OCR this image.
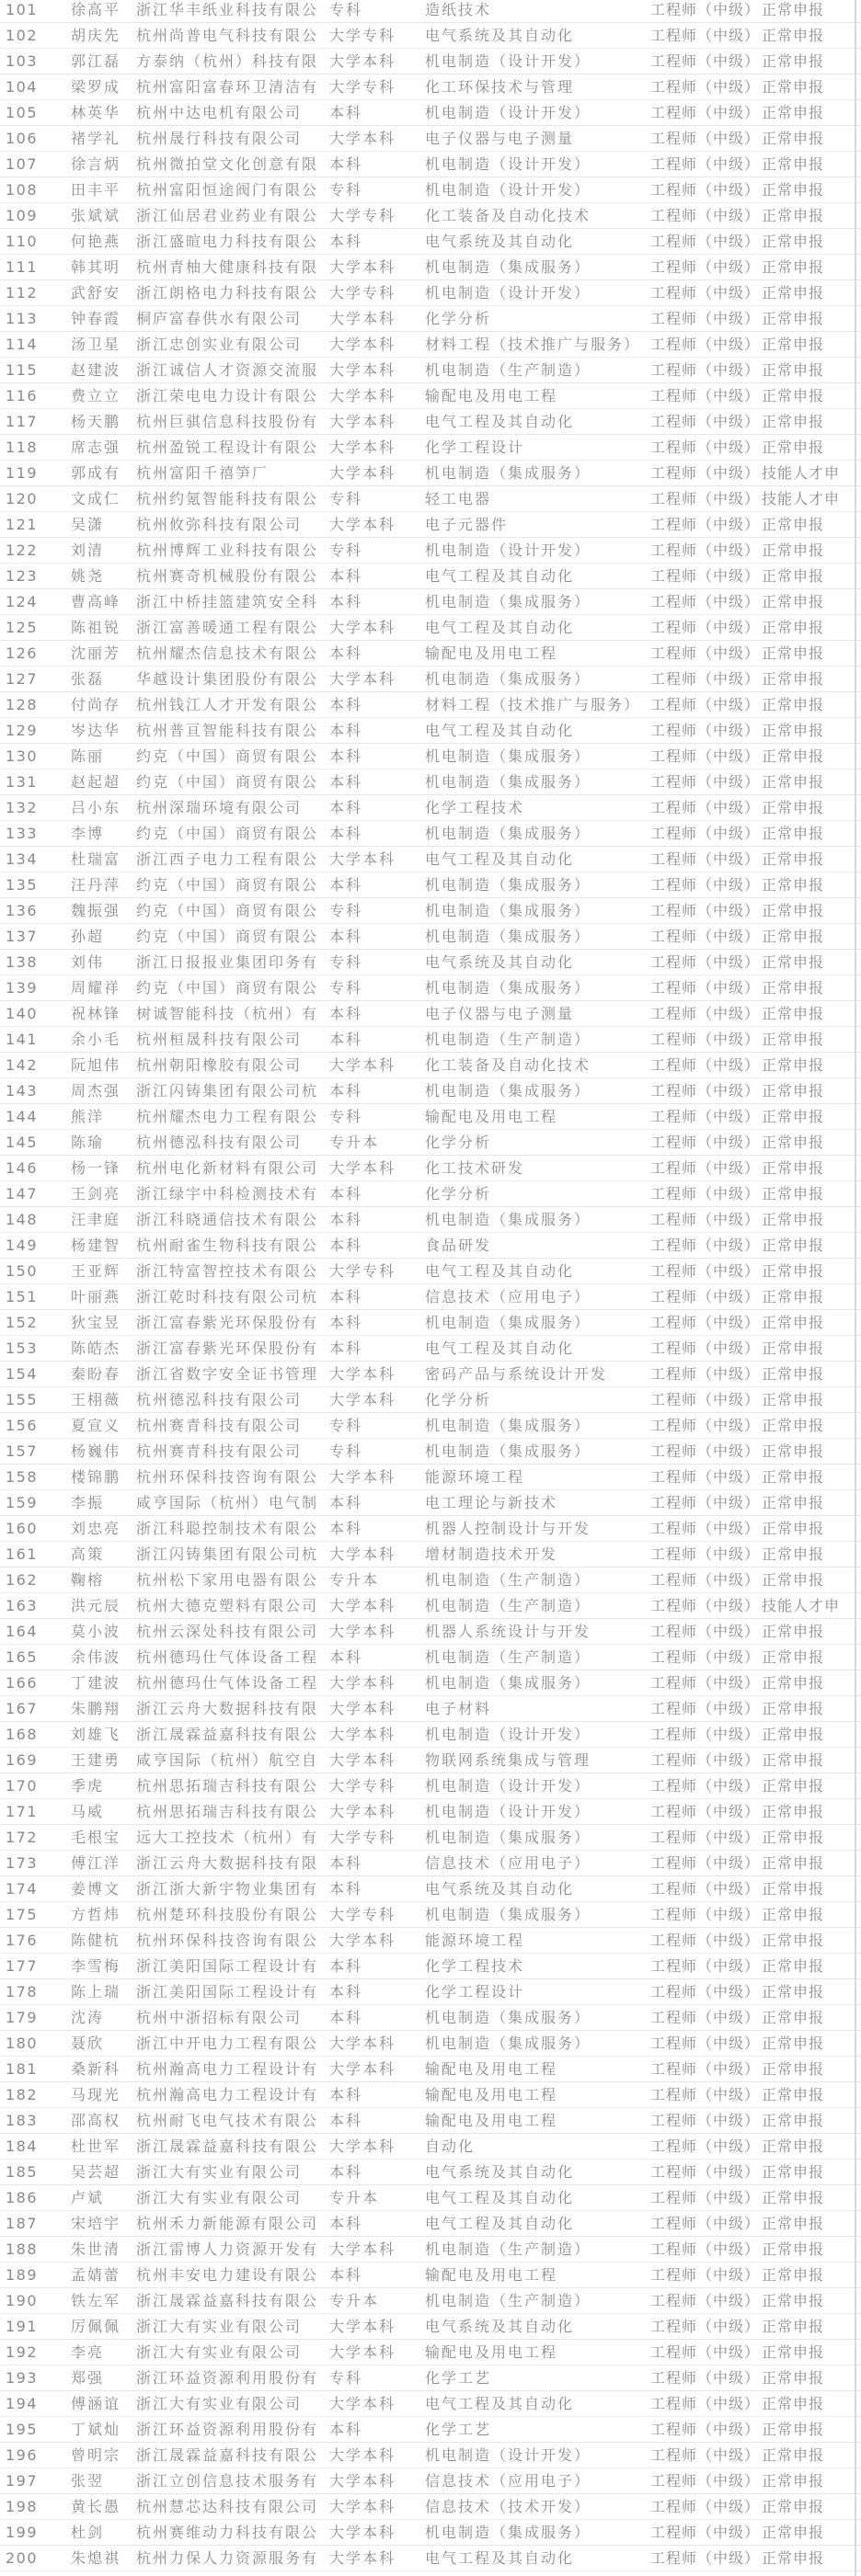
101	徐高平	浙江华丰纸业科技有限公 专科	造纸技术	工程师（中级） 正常申报
102	胡庆先	杭州尚普电气科技有限公 大学专科	电气系统及其自动化	工程师（中级） 正常申报
103	郭江磊	方泰纳（杭州）科技有限 大学本科	机电制造（设计开发）	工程师（中级） 正常申报
104	梁罗成	杭州富阳富春环卫清洁有 大学专科	化工环保技术与管理	工程师（中级） 正常申报
105	林英华	杭州中达电机有限公司	本科	机电制造（设计开发）	工程师（中级） 正常申报
106	褚学礼	杭州晟行科技有限公司	大学本科	电子仪器与电子测量	工程师（中级） 正常申报
107	徐言炳	杭州微拍堂文化创意有限 本科	机电制造（设计开发）	工程师（中级） 正常申报
108	田丰平	杭州富阳恒途阀门有限公 专科	机电制造（设计开发）	工程师（中级） 正常申报
109	张斌斌	浙江仙居君业药业有限公 大学专科	化工装备及自动化技术	工程师（中级） 正常申报
110	何艳燕	浙江盛暄电力科技有限公 本科	电气系统及其自动化	工程师（中级） 正常申报
111	韩其明	杭州青柚大健康科技有限 大学本科	机电制造（集成服务）	工程师（中级） 正常申报
112	武舒安	浙江朗格电力科技有限公 大学专科	机电制造（设计开发）	工程师（中级） 正常申报
113	钟春霞	桐庐富春供水有限公司	大学本科	化学分析	工程师（中级） 正常申报
114	汤卫星	浙江忠创实业有限公司	大学本科	材料工程（技术推广与服务） 工程师（中级） 正常申报
115	赵建波	浙江诚信人才资源交流服 大学本科	机电制造（生产制造）	工程师（中级） 正常申报
116	费立立	浙江荣电电力设计有限公 大学本科	输配电及用电工程	工程师（中级） 正常申报
117	杨天鹏	杭州巨骐信息科技股份有 大学本科	电气工程及其自动化	工程师（中级） 正常申报
118	席志强	杭州盈锐工程设计有限公 大学本科	化学工程设计	工程师（中级） 正常申报
119	郭成有	杭州富阳千禧笋厂	大学本科	机电制造（集成服务）	工程师（中级） 技能人才申
120	文成仁	杭州约氪智能科技有限公 专科	轻工电器	工程师（中级） 技能人才申
121	吴潇	杭州攸弥科技有限公司	大学本科	电子元器件	工程师（中级） 正常申报
122	刘清	杭州博辉工业科技有限公 专科	机电制造（设计开发）	工程师（中级） 正常申报
123	姚尧	杭州赛奇机械股份有限公 本科	电气工程及其自动化	工程师（中级） 正常申报
124	曹高峰	浙江中桥挂篮建筑安全科 本科	机电制造（集成服务）	工程师（中级） 正常申报
125	陈祖锐	浙江富善暖通工程有限公 大学本科	电气工程及其自动化	工程师（中级） 正常申报
126	沈丽芳	杭州耀杰信息技术有限公 本科	输配电及用电工程	工程师（中级） 正常申报
127	张磊	华越设计集团股份有限公 大学本科	机电制造（集成服务）	工程师（中级） 正常申报
128	付尚存	杭州钱江人才开发有限公 本科	材料工程（技术推广与服务） 工程师（中级） 正常申报
129	岑达华	杭州普亘智能科技有限公 本科	电气工程及其自动化	工程师（中级） 正常申报
130	陈丽	约克（中国）商贸有限公 本科	机电制造（集成服务）	工程师（中级） 正常申报
131	赵起超	约克（中国）商贸有限公 本科	机电制造（集成服务）	工程师（中级） 正常申报
132	吕小东	杭州深瑞环境有限公司	本科	化学工程技术	工程师（中级） 正常申报
133	李博	约克（中国）商贸有限公 本科	机电制造（集成服务）	工程师（中级） 正常申报
134	杜瑞富	浙江西子电力工程有限公 大学本科	电气工程及其自动化	工程师（中级） 正常申报
135	汪丹萍	约克（中国）商贸有限公 本科	机电制造（集成服务）	工程师（中级） 正常申报
136	魏振强	约克（中国）商贸有限公 专科	机电制造（集成服务）	工程师（中级） 正常申报
137	孙超	约克（中国）商贸有限公 本科	机电制造（集成服务）	工程师（中级） 正常申报
138	刘伟	浙江日报报业集团印务有 专科	电气系统及其自动化	工程师（中级） 正常申报
139	周耀祥	约克（中国）商贸有限公 专科	机电制造（集成服务）	工程师（中级） 正常申报
140	祝林锋	树诚智能科技（杭州）有 本科	电子仪器与电子测量	工程师（中级） 正常申报
141	余小毛	杭州桓晟科技有限公司	本科	机电制造（生产制造）	工程师（中级） 正常申报
142	阮旭伟	杭州朝阳橡胶有限公司	大学本科	化工装备及自动化技术	工程师（中级） 正常申报
143	周杰强	浙江闪铸集团有限公司杭 本科	机电制造（集成服务）	工程师（中级） 正常申报
144	熊洋	杭州耀杰电力工程有限公 专科	输配电及用电工程	工程师（中级） 正常申报
145	陈瑜	杭州德泓科技有限公司	专升本	化学分析	工程师（中级） 正常申报
146	杨一锋	杭州电化新材料有限公司 大学本科	化工技术研发	工程师（中级） 正常申报
147	王剑亮	浙江绿宇中科检测技术有 本科	化学分析	工程师（中级） 正常申报
148	汪聿庭	浙江科晓通信技术有限公 本科	机电制造（集成服务）	工程师（中级） 正常申报
149	杨建智	杭州耐雀生物科技有限公 本科	食品研发	工程师（中级） 正常申报
150	王亚辉	浙江特富智控技术有限公 大学专科	电气工程及其自动化	工程师（中级） 正常申报
151	叶丽燕	浙江乾时科技有限公司杭 本科	信息技术（应用电子）	工程师（中级） 正常申报
152	狄宝昱	浙江富春紫光环保股份有 本科	机电制造（集成服务）	工程师（中级） 正常申报
153	陈皓杰	浙江富春紫光环保股份有 本科	电气工程及其自动化	工程师（中级） 正常申报
154	秦盼春	浙江省数字安全证书管理 大学本科	密码产品与系统设计开发	工程师（中级） 正常申报
155	王栩薇	杭州德泓科技有限公司	大学本科	化学分析	工程师（中级） 正常申报
156	夏宣义	杭州赛青科技有限公司	专科	机电制造（集成服务）	工程师（中级） 正常申报
157	杨巍伟	杭州赛青科技有限公司	专科	机电制造（集成服务）	工程师（中级） 正常申报
158	楼锦鹏	杭州环保科技咨询有限公 大学本科	能源环境工程	工程师（中级） 正常申报
159	李振	咸亨国际（杭州）电气制 本科	电工理论与新技术	工程师（中级） 正常申报
160	刘忠亮	浙江科聪控制技术有限公 本科	机器人控制设计与开发	工程师（中级） 正常申报
161	高策	浙江闪铸集团有限公司杭 大学本科	增材制造技术开发	工程师（中级） 正常申报
162	鞠榕	杭州松下家用电器有限公 专升本	机电制造（生产制造）	工程师（中级） 正常申报
163	洪元辰	杭州大德克塑料有限公司 大学本科	机电制造（生产制造）	工程师（中级） 技能人才申
164	莫小波	杭州云深处科技有限公司 大学本科	机器人系统设计与开发	工程师（中级） 正常申报
165	余伟波	杭州德玛仕气体设备工程 本科	机电制造（生产制造）	工程师（中级） 正常申报
166	丁建波	杭州德玛仕气体设备工程 大学本科	机电制造（集成服务）	工程师（中级） 正常申报
167	朱鹏翔	浙江云舟大数据科技有限 大学本科	电子材料	工程师（中级） 正常申报
168	刘雄飞	浙江晟霖益嘉科技有限公 大学本科	机电制造（设计开发）	工程师（中级） 正常申报
169	王建勇	咸亨国际（杭州）航空自 大学本科	物联网系统集成与管理	工程师（中级） 正常申报
170	季虎	杭州思拓瑞吉科技有限公 大学专科	机电制造（设计开发）	工程师（中级） 正常申报
171	马威	杭州思拓瑞吉科技有限公 大学本科	机电制造（设计开发）	工程师（中级） 正常申报
172	毛根宝	远大工控技术（杭州）有 大学专科	机电制造（集成服务）	工程师（中级） 正常申报
173	傅江洋	浙江云舟大数据科技有限 本科	信息技术（应用电子）	工程师（中级） 正常申报
174	姜博文	浙江浙大新宇物业集团有 本科	电气系统及其自动化	工程师（中级） 正常申报
175	方哲炜	杭州楚环科技股份有限公 大学专科	机电制造（集成服务）	工程师（中级） 正常申报
176	陈健杭	杭州环保科技咨询有限公 大学本科	能源环境工程	工程师（中级） 正常申报
177	李雪梅	浙江美阳国际工程设计有 本科	化学工程技术	工程师（中级） 正常申报
178	陈上瑞	浙江美阳国际工程设计有 本科	化学工程设计	工程师（中级） 正常申报
179	沈涛	杭州中浙招标有限公司	本科	机电制造（集成服务）	工程师（中级） 正常申报
180	聂欣	浙江中开电力工程有限公 大学本科	机电制造（集成服务）	工程师（中级） 正常申报
181	桑新科	杭州瀚高电力工程设计有 大学本科	输配电及用电工程	工程师（中级） 正常申报
182	马现光	杭州瀚高电力工程设计有 本科	输配电及用电工程	工程师（中级） 正常申报
183	邵高权	杭州耐飞电气技术有限公 本科	输配电及用电工程	工程师（中级） 正常申报
184	杜世军	浙江晟霖益嘉科技有限公 大学本科	自动化	工程师（中级） 正常申报
185	吴芸超	浙江大有实业有限公司	本科	电气系统及其自动化	工程师（中级） 正常申报
186	卢斌	浙江大有实业有限公司	专升本	电气工程及其自动化	工程师（中级） 正常申报
187	宋培宇	杭州禾力新能源有限公司 本科	电气工程及其自动化	工程师（中级） 正常申报
188	朱世清	浙江雷博人力资源开发有 大学本科	机电制造（生产制造）	工程师（中级） 正常申报
189	孟婧蕾	杭州丰安电力建设有限公 本科	输配电及用电工程	工程师（中级） 正常申报
190	铁左军	浙江晟霖益嘉科技有限公 专升本	机电制造（生产制造）	工程师（中级） 正常申报
191	厉佩佩	浙江大有实业有限公司	大学本科	电气系统及其自动化	工程师（中级） 正常申报
192	李亮	浙江大有实业有限公司	大学本科	输配电及用电工程	工程师（中级） 正常申报
193	郑强	浙江环益资源利用股份有 专科	化学工艺	工程师（中级） 正常申报
194	傅涵谊	浙江大有实业有限公司	大学本科	电气工程及其自动化	工程师（中级） 正常申报
195	丁斌灿	浙江环益资源利用股份有 本科	化学工艺	工程师（中级） 正常申报
196	曾明宗	浙江晟霖益嘉科技有限公 大学本科	机电制造（设计开发）	工程师（中级） 正常申报
197	张翌	浙江立创信息技术服务有 大学本科	信息技术（应用电子）	工程师（中级） 正常申报
198	黄长愚	杭州慧芯达科技有限公司 大学本科	信息技术（技术开发）	工程师（中级） 正常申报
199	杜剑	杭州赛维动力科技有限公 大学本科	机电制造（集成服务）	工程师（中级） 正常申报
200	朱熄祺	杭州力保人力资源服务有 大学本科	电气工程及其自动化	工程师（中级） 正常申报
